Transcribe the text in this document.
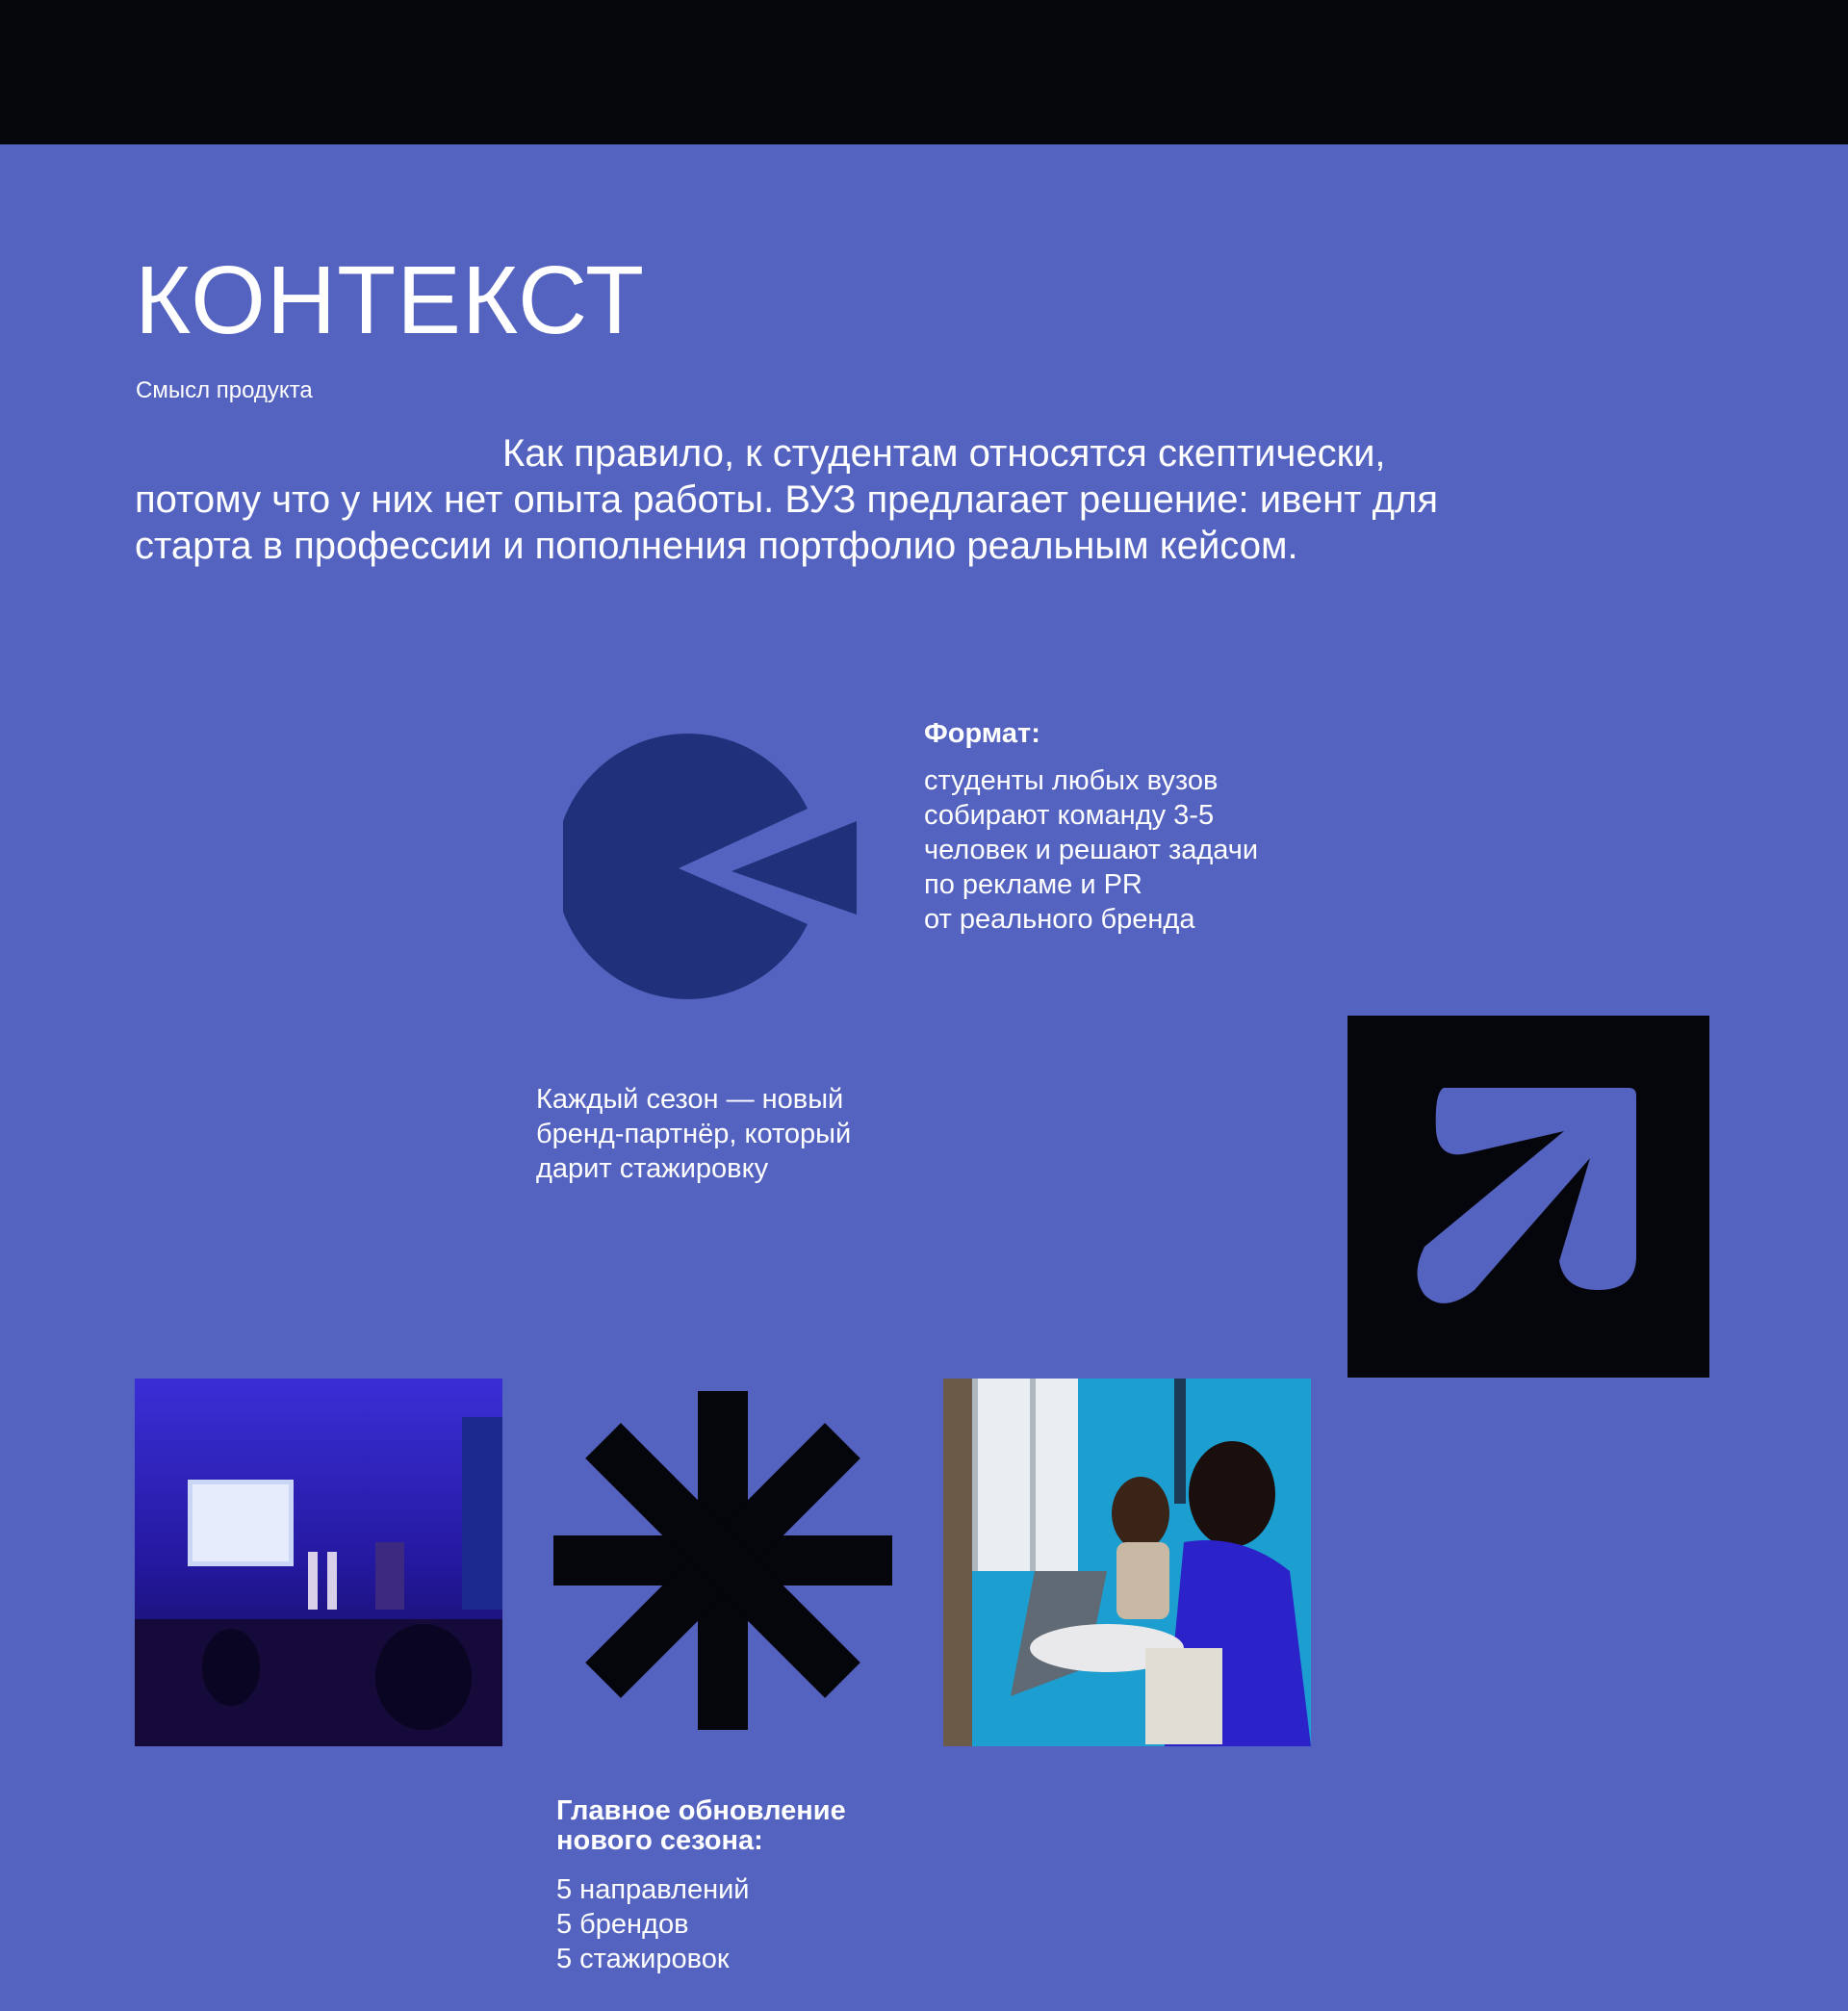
КОНТЕКСТ
Смысл продукта

Как правило, к студентам относятся скептически, потому что у них нет опыта работы. ВУЗ предлагает решение: ивент для старта в профессии и пополнения портфолио реальным кейсом.

Формат:
студенты любых вузов
собирают команду 3-5
человек и решают задачи
по рекламе и PR
от реального бренда
Каждый сезон — новый
бренд-партнёр, который
дарит стажировку
Главное обновление нового сезона:
5 направлений
5 брендов
5 стажировок
